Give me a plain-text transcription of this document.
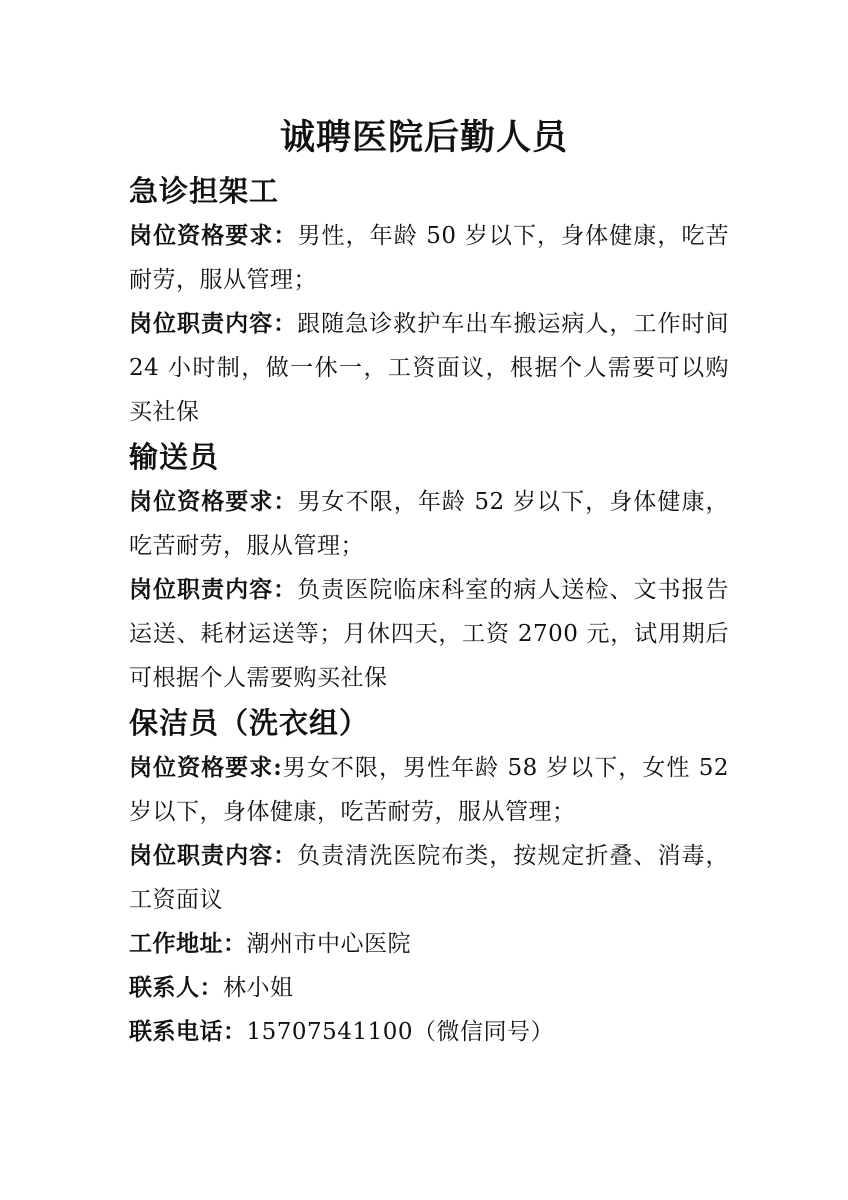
诚聘医院后勤人员
急诊担架工

岗位资格要求：男性，年龄 50 岁以下，身体健康，吃苦耐劳，服从管理；

岗位职责内容：跟随急诊救护车出车搬运病人，工作时间 24 小时制，做一休一，工资面议，根据个人需要可以购买社保

输送员

岗位资格要求：男女不限，年龄 52 岁以下，身体健康，吃苦耐劳，服从管理；

岗位职责内容：负责医院临床科室的病人送检、文书报告运送、耗材运送等；月休四天，工资 2700 元，试用期后可根据个人需要购买社保

保洁员（洗衣组）

岗位资格要求:男女不限，男性年龄 58 岁以下，女性 52 岁以下，身体健康，吃苦耐劳，服从管理；

岗位职责内容：负责清洗医院布类，按规定折叠、消毒，工资面议

工作地址：潮州市中心医院

联系人：林小姐

联系电话：15707541100（微信同号）
